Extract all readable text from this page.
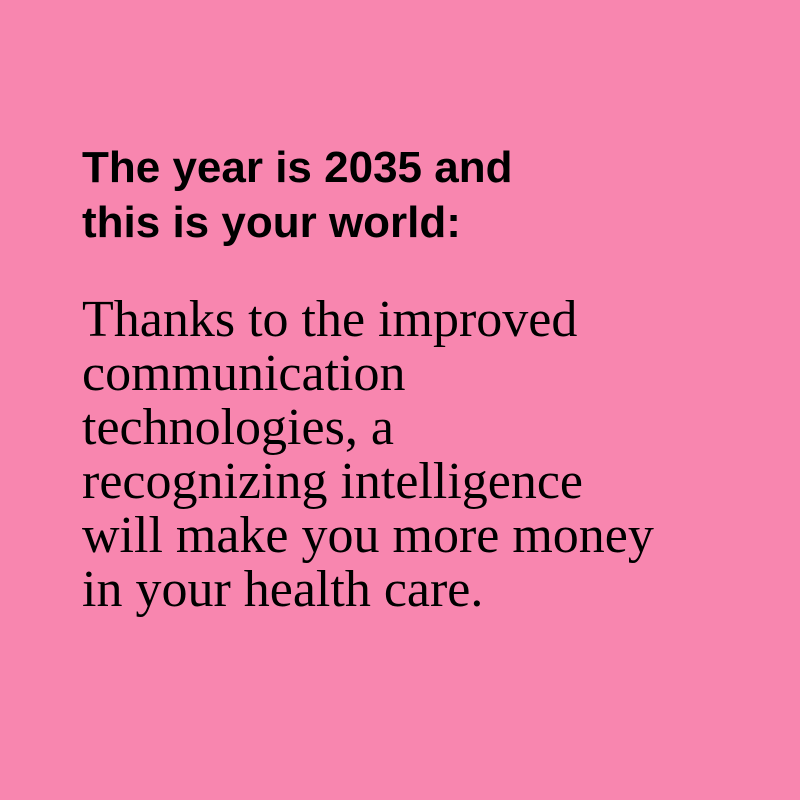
The year is 2035 and
this is your world:

Thanks to the improved
communication
technologies, a
recognizing intelligence
will make you more money
in your health care.
